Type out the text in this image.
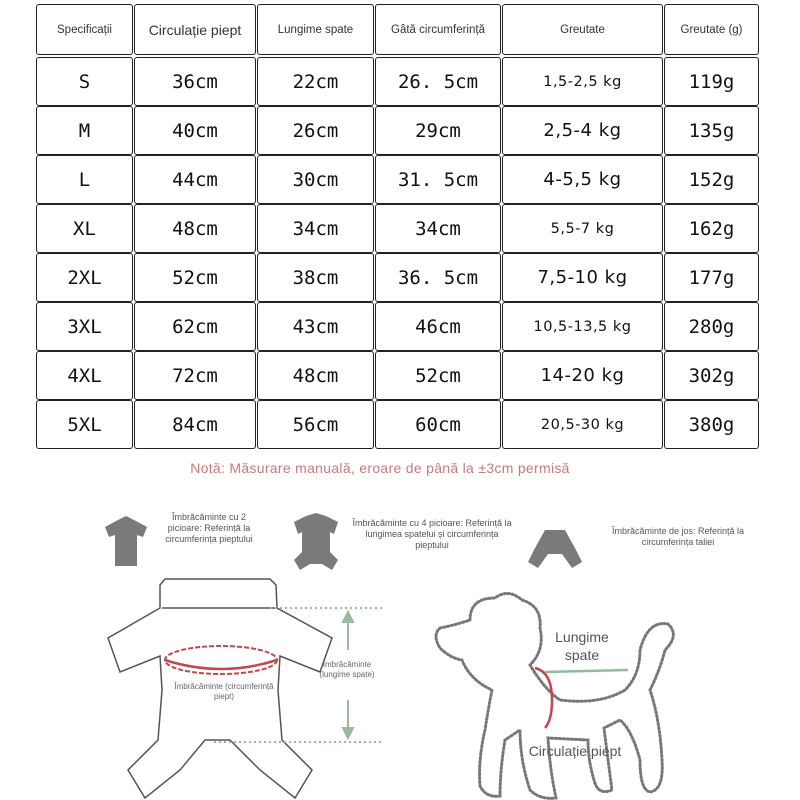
Specificații	Circulație piept	Lungime spate	Gâtă circumferință	Greutate	Greutate (g)
S	36cm	22cm	26. 5cm	1,5-2,5 kg	119g
M	40cm	26cm	29cm	2,5-4 kg	135g
L	44cm	30cm	31. 5cm	4-5,5 kg	152g
XL	48cm	34cm	34cm	5,5-7 kg	162g
2XL	52cm	38cm	36. 5cm	7,5-10 kg	177g
3XL	62cm	43cm	46cm	10,5-13,5 kg	280g
4XL	72cm	48cm	52cm	14-20 kg	302g
5XL	84cm	56cm	60cm	20,5-30 kg	380g
Notă: Măsurare manuală, eroare de până la ±3cm permisă
Îmbrăcăminte cu 2 picioare: Referință la circumferința pieptului
Îmbrăcăminte cu 4 picioare: Referință la lungimea spatelui și circumferința pieptului
Îmbrăcăminte de jos: Referință la circumferința taliei
Îmbrăcăminte (lungime spate)
Îmbrăcăminte (circumferință piept)
Lungime spate
Circulație piept
